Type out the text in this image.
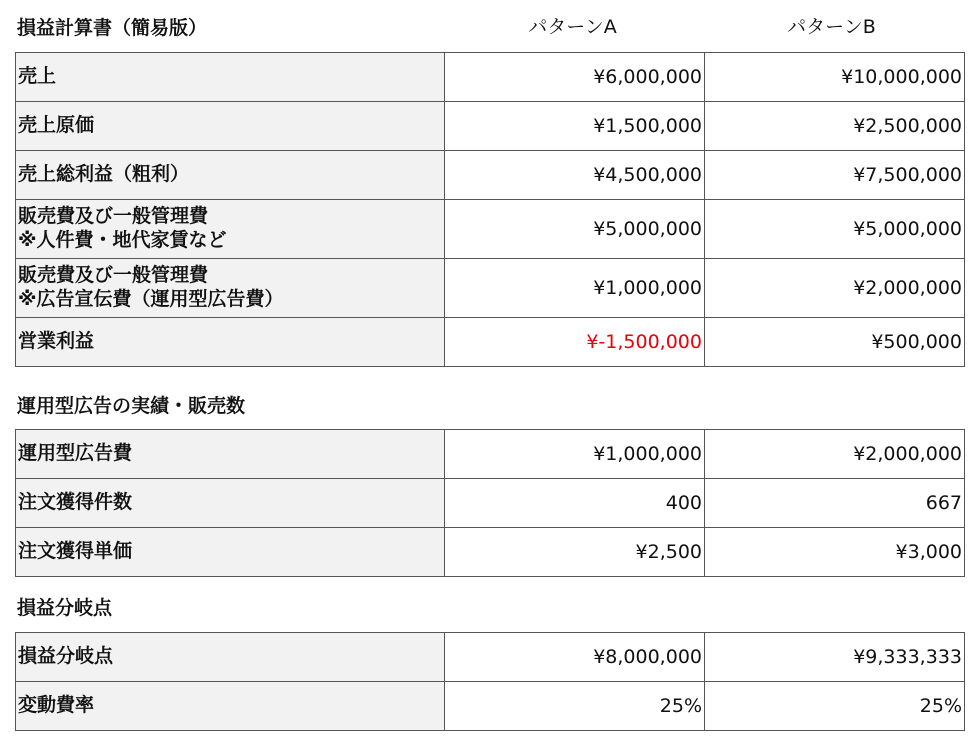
損益計算書（簡易版）	パターンA	パターンB
売上	¥6,000,000	¥10,000,000
売上原価	¥1,500,000	¥2,500,000
売上総利益（粗利）	¥4,500,000	¥7,500,000

販売費及び一般管理費
※人件費・地代家賃など	¥5,000,000	¥5,000,000

販売費及び一般管理費
※広告宣伝費（運用型広告費）	¥1,000,000	¥2,000,000
営業利益	¥-1,500,000	¥500,000
運用型広告の実績・販売数
運用型広告費	¥1,000,000	¥2,000,000
注文獲得件数	400	667
注文獲得単価	¥2,500	¥3,000
損益分岐点
損益分岐点	¥8,000,000	¥9,333,333
変動費率	25%	25%
